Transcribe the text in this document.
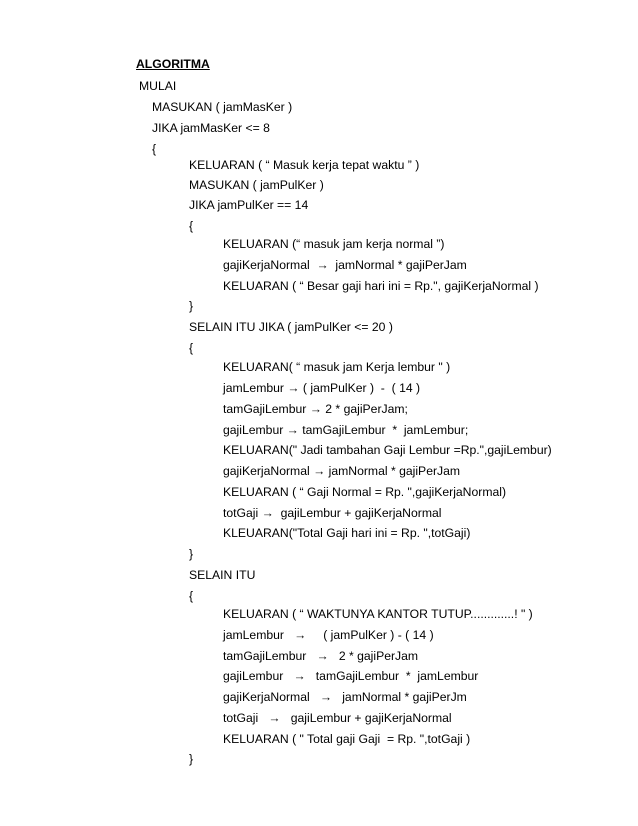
ALGORITMA

MULAI

MASUKAN ( jamMasKer )

JIKA jamMasKer <= 8

{

KELUARAN ( “ Masuk kerja tepat waktu ” )

MASUKAN ( jamPulKer )

JIKA jamPulKer == 14

{

KELUARAN (“ masuk jam kerja normal ”)

gajiKerjaNormal  →  jamNormal * gajiPerJam

KELUARAN ( “ Besar gaji hari ini = Rp.", gajiKerjaNormal )

}

SELAIN ITU JIKA ( jamPulKer <= 20 )

{

KELUARAN( “ masuk jam Kerja lembur " )

jamLembur → ( jamPulKer )  -  ( 14 )

tamGajiLembur → 2 * gajiPerJam;

gajiLembur → tamGajiLembur  *  jamLembur;

KELUARAN(" Jadi tambahan Gaji Lembur =Rp.",gajiLembur)

gajiKerjaNormal → jamNormal * gajiPerJam

KELUARAN ( “ Gaji Normal = Rp. ",gajiKerjaNormal)

totGaji →  gajiLembur + gajiKerjaNormal

KLEUARAN("Total Gaji hari ini = Rp. ",totGaji)

}

SELAIN ITU

{

KELUARAN ( “ WAKTUNYA KANTOR TUTUP.............! " )

jamLembur   →     ( jamPulKer ) - ( 14 )

tamGajiLembur   →   2 * gajiPerJam

gajiLembur   →   tamGajiLembur  *  jamLembur

gajiKerjaNormal   →   jamNormal * gajiPerJm

totGaji   →   gajiLembur + gajiKerjaNormal

KELUARAN ( " Total gaji Gaji  = Rp. ",totGaji )

}
